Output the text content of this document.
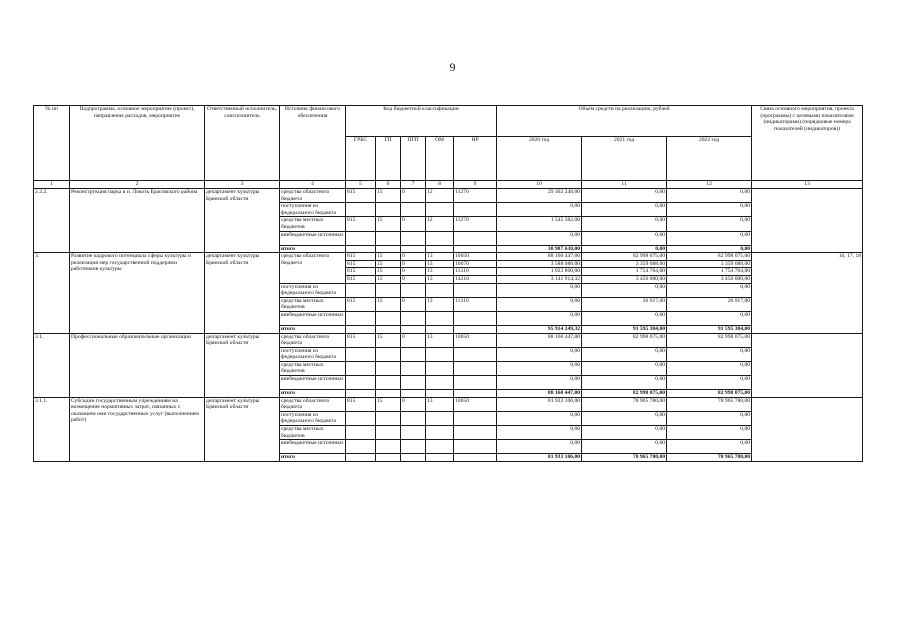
9
№ пп	Подпрограмма, основное мероприятие (проект), направление расходов, мероприятие	Ответственный исполнитель, соисполнитель	Источник финансового обеспечения	Код бюджетной классификации					Объём средств на реализацию, рублей			Связь основного мероприятия, проекта (программы) с целевыми показателями (индикаторами) (порядковые номера показателей (индикаторов))
				ГРБС	ГП	ПГП	ОМ	НР	2020 год	2021 год	2022 год	
1	2	3	4	5	6	7	8	9	10	11	12	13
2.2.2.	Реконструкция парка в п. Локоть Брасовского района	департамент культуры Брянской области	средства областного бюджета	815	15	0	12	11270	29 362 248,00	0,00	0,00	
			поступления из федерального бюджета						0,00	0,00	0,00	
			средства местных бюджетов	815	15	0	12	11270	1 545 382,00	0,00	0,00	
			внебюджетные источники						0,00	0,00	0,00	
			итого						30 907 630,00	0,00	0,00	
3.	Развитие кадрового потенциала сферы культуры и реализация мер государственной поддержки работников культуры	департамент культуры Брянской области	средства областного бюджета	815	15	0	13	10650	88 160 447,00	82 998 075,00	82 998 075,00	16, 17, 18
				815	15	0	13	10670	3 588 088,00	3 359 688,00	3 359 688,00	
				815	15	0	13	11310	1 023 800,00	1 754 704,00	1 754 704,00	
				815	15	0	13	14210	3 141 914,32	3 456 000,00	3 456 000,00	
			поступления из федерального бюджета						0,00	0,00	0,00	
			средства местных бюджетов	815	15	0	13	11310	0,00	26 917,00	26 917,00	
			внебюджетные источники						0,00	0,00	0,00	
			итого						95 914 249,32	91 595 384,00	91 595 384,00	
3.1.	Профессиональные образовательные организации	департамент культуры Брянской области	средства областного бюджета	815	15	0	13	10650	88 160 447,00	82 998 075,00	82 998 075,00	
			поступления из федерального бюджета						0,00	0,00	0,00	
			средства местных бюджетов						0,00	0,00	0,00	
			внебюджетные источники						0,00	0,00	0,00	
			итого						88 160 447,00	82 998 075,00	82 998 075,00	
3.1.1.	Субсидии государственным учреждениям на возмещение нормативных затрат, связанных с оказанием ими государственных услуг (выполнением работ)	департамент культуры Брянской области	средства областного бюджета	815	15	0	13	10650	81 933 106,00	78 965 780,00	78 965 780,00	
			поступления из федерального бюджета						0,00	0,00	0,00	
			средства местных бюджетов						0,00	0,00	0,00	
			внебюджетные источники						0,00	0,00	0,00	
			итого						81 933 106,00	78 965 780,00	78 965 780,00	
